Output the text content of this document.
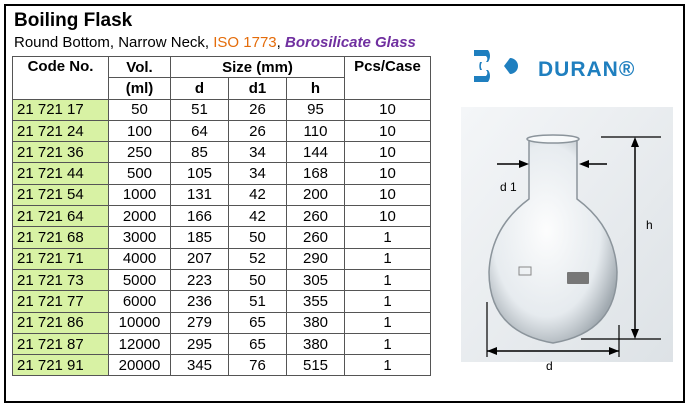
Boiling Flask
Round Bottom, Narrow Neck, ISO 1773, Borosilicate Glass
Code No.	Vol.	Size (mm)			Pcs/Case
	(ml)	d	d1	h	
21 721 17	50	51	26	95	10
21 721 24	100	64	26	110	10
21 721 36	250	85	34	144	10
21 721 44	500	105	34	168	10
21 721 54	1000	131	42	200	10
21 721 64	2000	166	42	260	10
21 721 68	3000	185	50	260	1
21 721 71	4000	207	52	290	1
21 721 73	5000	223	50	305	1
21 721 77	6000	236	51	355	1
21 721 86	10000	279	65	380	1
21 721 87	12000	295	65	380	1
21 721 91	20000	345	76	515	1
DURAN®
d 1
h
d
